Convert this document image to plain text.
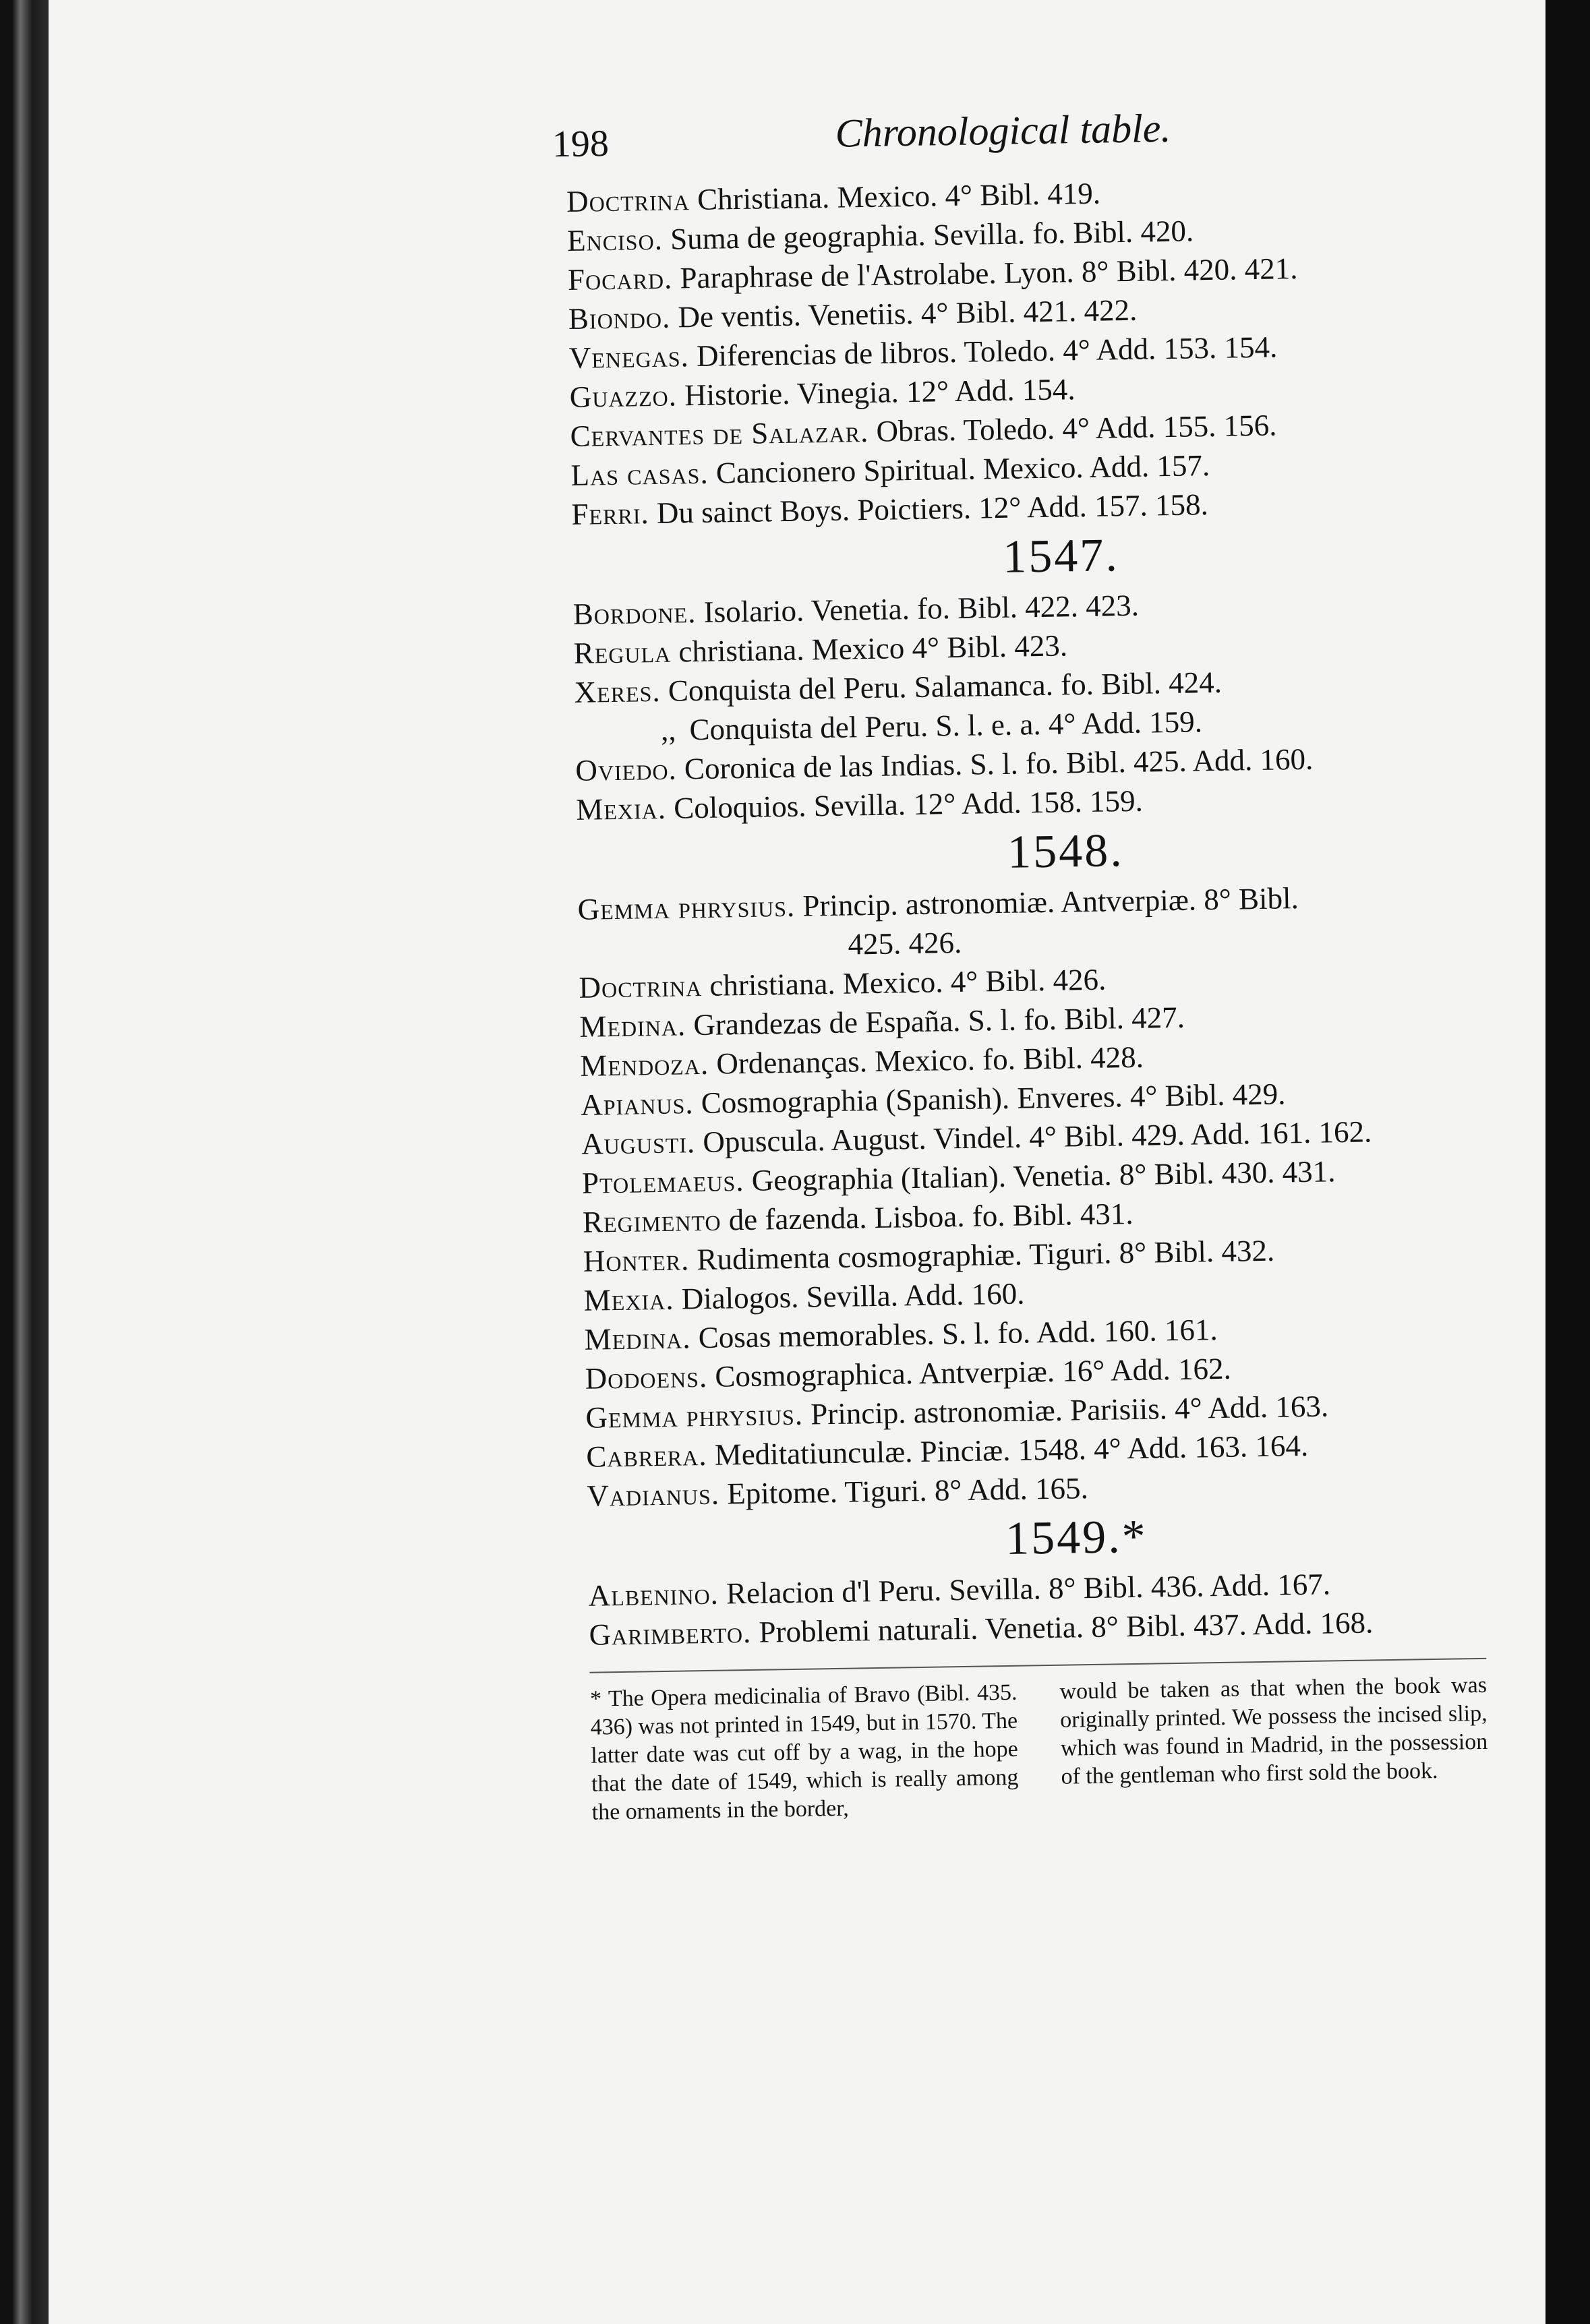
198	Chronological table.
Doctrina Christiana. Mexico. 4° Bibl. 419.
Enciso. Suma de geographia. Sevilla. fo. Bibl. 420.
Focard. Paraphrase de l'Astrolabe. Lyon. 8° Bibl. 420. 421.
Biondo. De ventis. Venetiis. 4° Bibl. 421. 422.
Venegas. Diferencias de libros. Toledo. 4° Add. 153. 154.
Guazzo. Historie. Vinegia. 12° Add. 154.
Cervantes de Salazar. Obras. Toledo. 4° Add. 155. 156.
Las casas. Cancionero Spiritual. Mexico. Add. 157.
Ferri. Du sainct Boys. Poictiers. 12° Add. 157. 158.
1547.
Bordone. Isolario. Venetia. fo. Bibl. 422. 423.
Regula christiana. Mexico 4° Bibl. 423.
Xeres. Conquista del Peru. Salamanca. fo. Bibl. 424.
,, Conquista del Peru. S. l. e. a. 4° Add. 159.
Oviedo. Coronica de las Indias. S. l. fo. Bibl. 425. Add. 160.
Mexia. Coloquios. Sevilla. 12° Add. 158. 159.
1548.
Gemma phrysius. Princip. astronomiæ. Antverpiæ. 8° Bibl.
425. 426.
Doctrina christiana. Mexico. 4° Bibl. 426.
Medina. Grandezas de España. S. l. fo. Bibl. 427.
Mendoza. Ordenanças. Mexico. fo. Bibl. 428.
Apianus. Cosmographia (Spanish). Enveres. 4° Bibl. 429.
Augusti. Opuscula. August. Vindel. 4° Bibl. 429. Add. 161. 162.
Ptolemaeus. Geographia (Italian). Venetia. 8° Bibl. 430. 431.
Regimento de fazenda. Lisboa. fo. Bibl. 431.
Honter. Rudimenta cosmographiæ. Tiguri. 8° Bibl. 432.
Mexia. Dialogos. Sevilla. Add. 160.
Medina. Cosas memorables. S. l. fo. Add. 160. 161.
Dodoens. Cosmographica. Antverpiæ. 16° Add. 162.
Gemma phrysius. Princip. astronomiæ. Parisiis. 4° Add. 163.
Cabrera. Meditatiunculæ. Pinciæ. 1548. 4° Add. 163. 164.
Vadianus. Epitome. Tiguri. 8° Add. 165.
1549.*
Albenino. Relacion d'l Peru. Sevilla. 8° Bibl. 436. Add. 167.
Garimberto. Problemi naturali. Venetia. 8° Bibl. 437. Add. 168.
* The Opera medicinalia of Bravo (Bibl. 435. 436) was not printed in 1549, but in 1570. The latter date was cut off by a wag, in the hope that the date of 1549, which is really among the ornaments in the border,
would be taken as that when the book was originally printed. We possess the incised slip, which was found in Madrid, in the possession of the gentleman who first sold the book.
